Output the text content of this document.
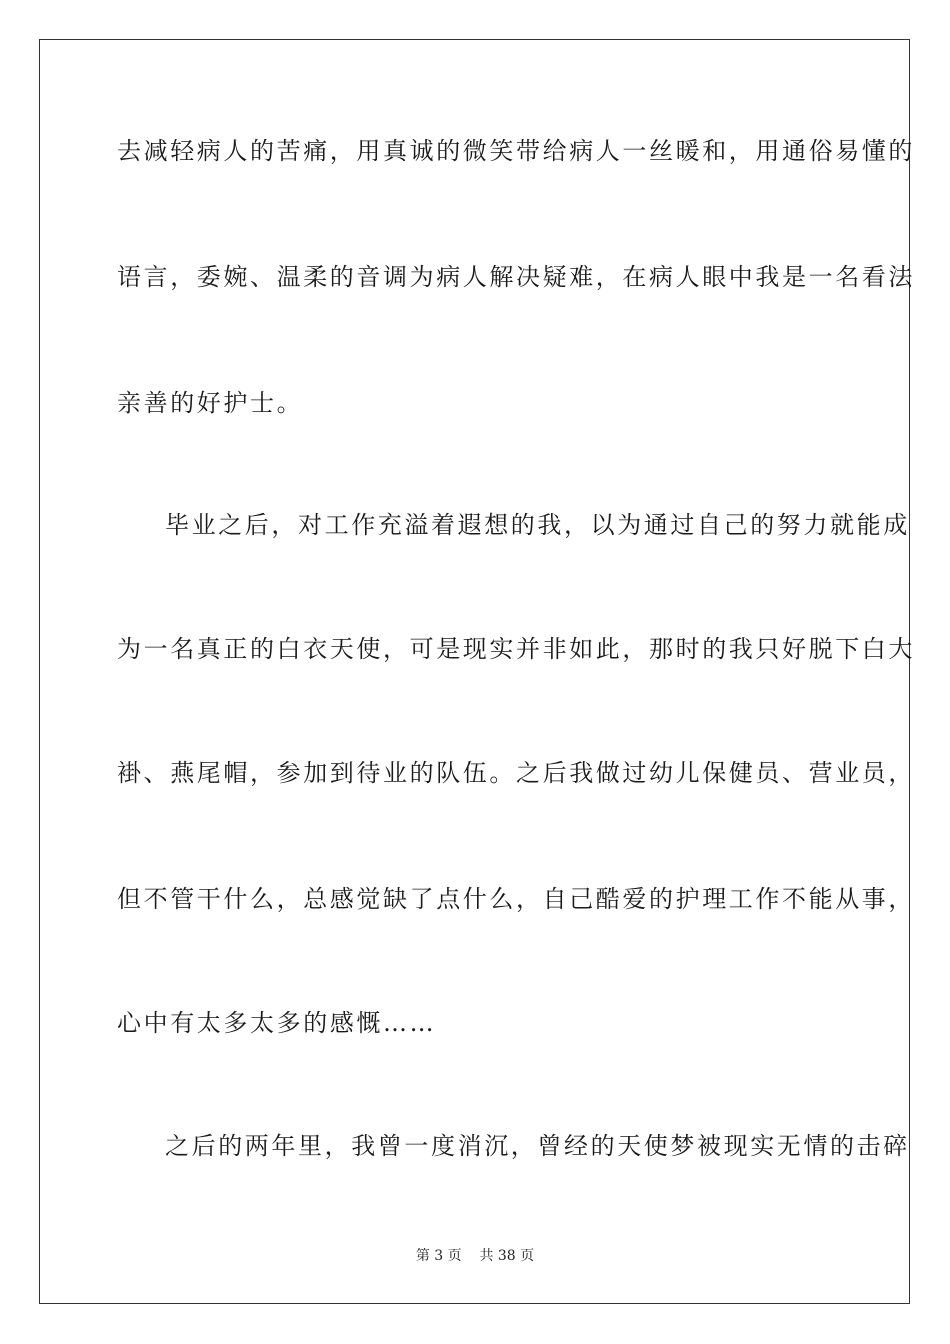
去减轻病人的苦痛，用真诚的微笑带给病人一丝暖和，用通俗易懂的
语言，委婉、温柔的音调为病人解决疑难，在病人眼中我是一名看法
亲善的好护士。
毕业之后，对工作充溢着遐想的我，以为通过自己的努力就能成
为一名真正的白衣天使，可是现实并非如此，那时的我只好脱下白大
褂、燕尾帽，参加到待业的队伍。之后我做过幼儿保健员、营业员，
但不管干什么，总感觉缺了点什么，自己酷爱的护理工作不能从事，
心中有太多太多的感慨……
之后的两年里，我曾一度消沉，曾经的天使梦被现实无情的击碎
第 3 页 共 38 页
